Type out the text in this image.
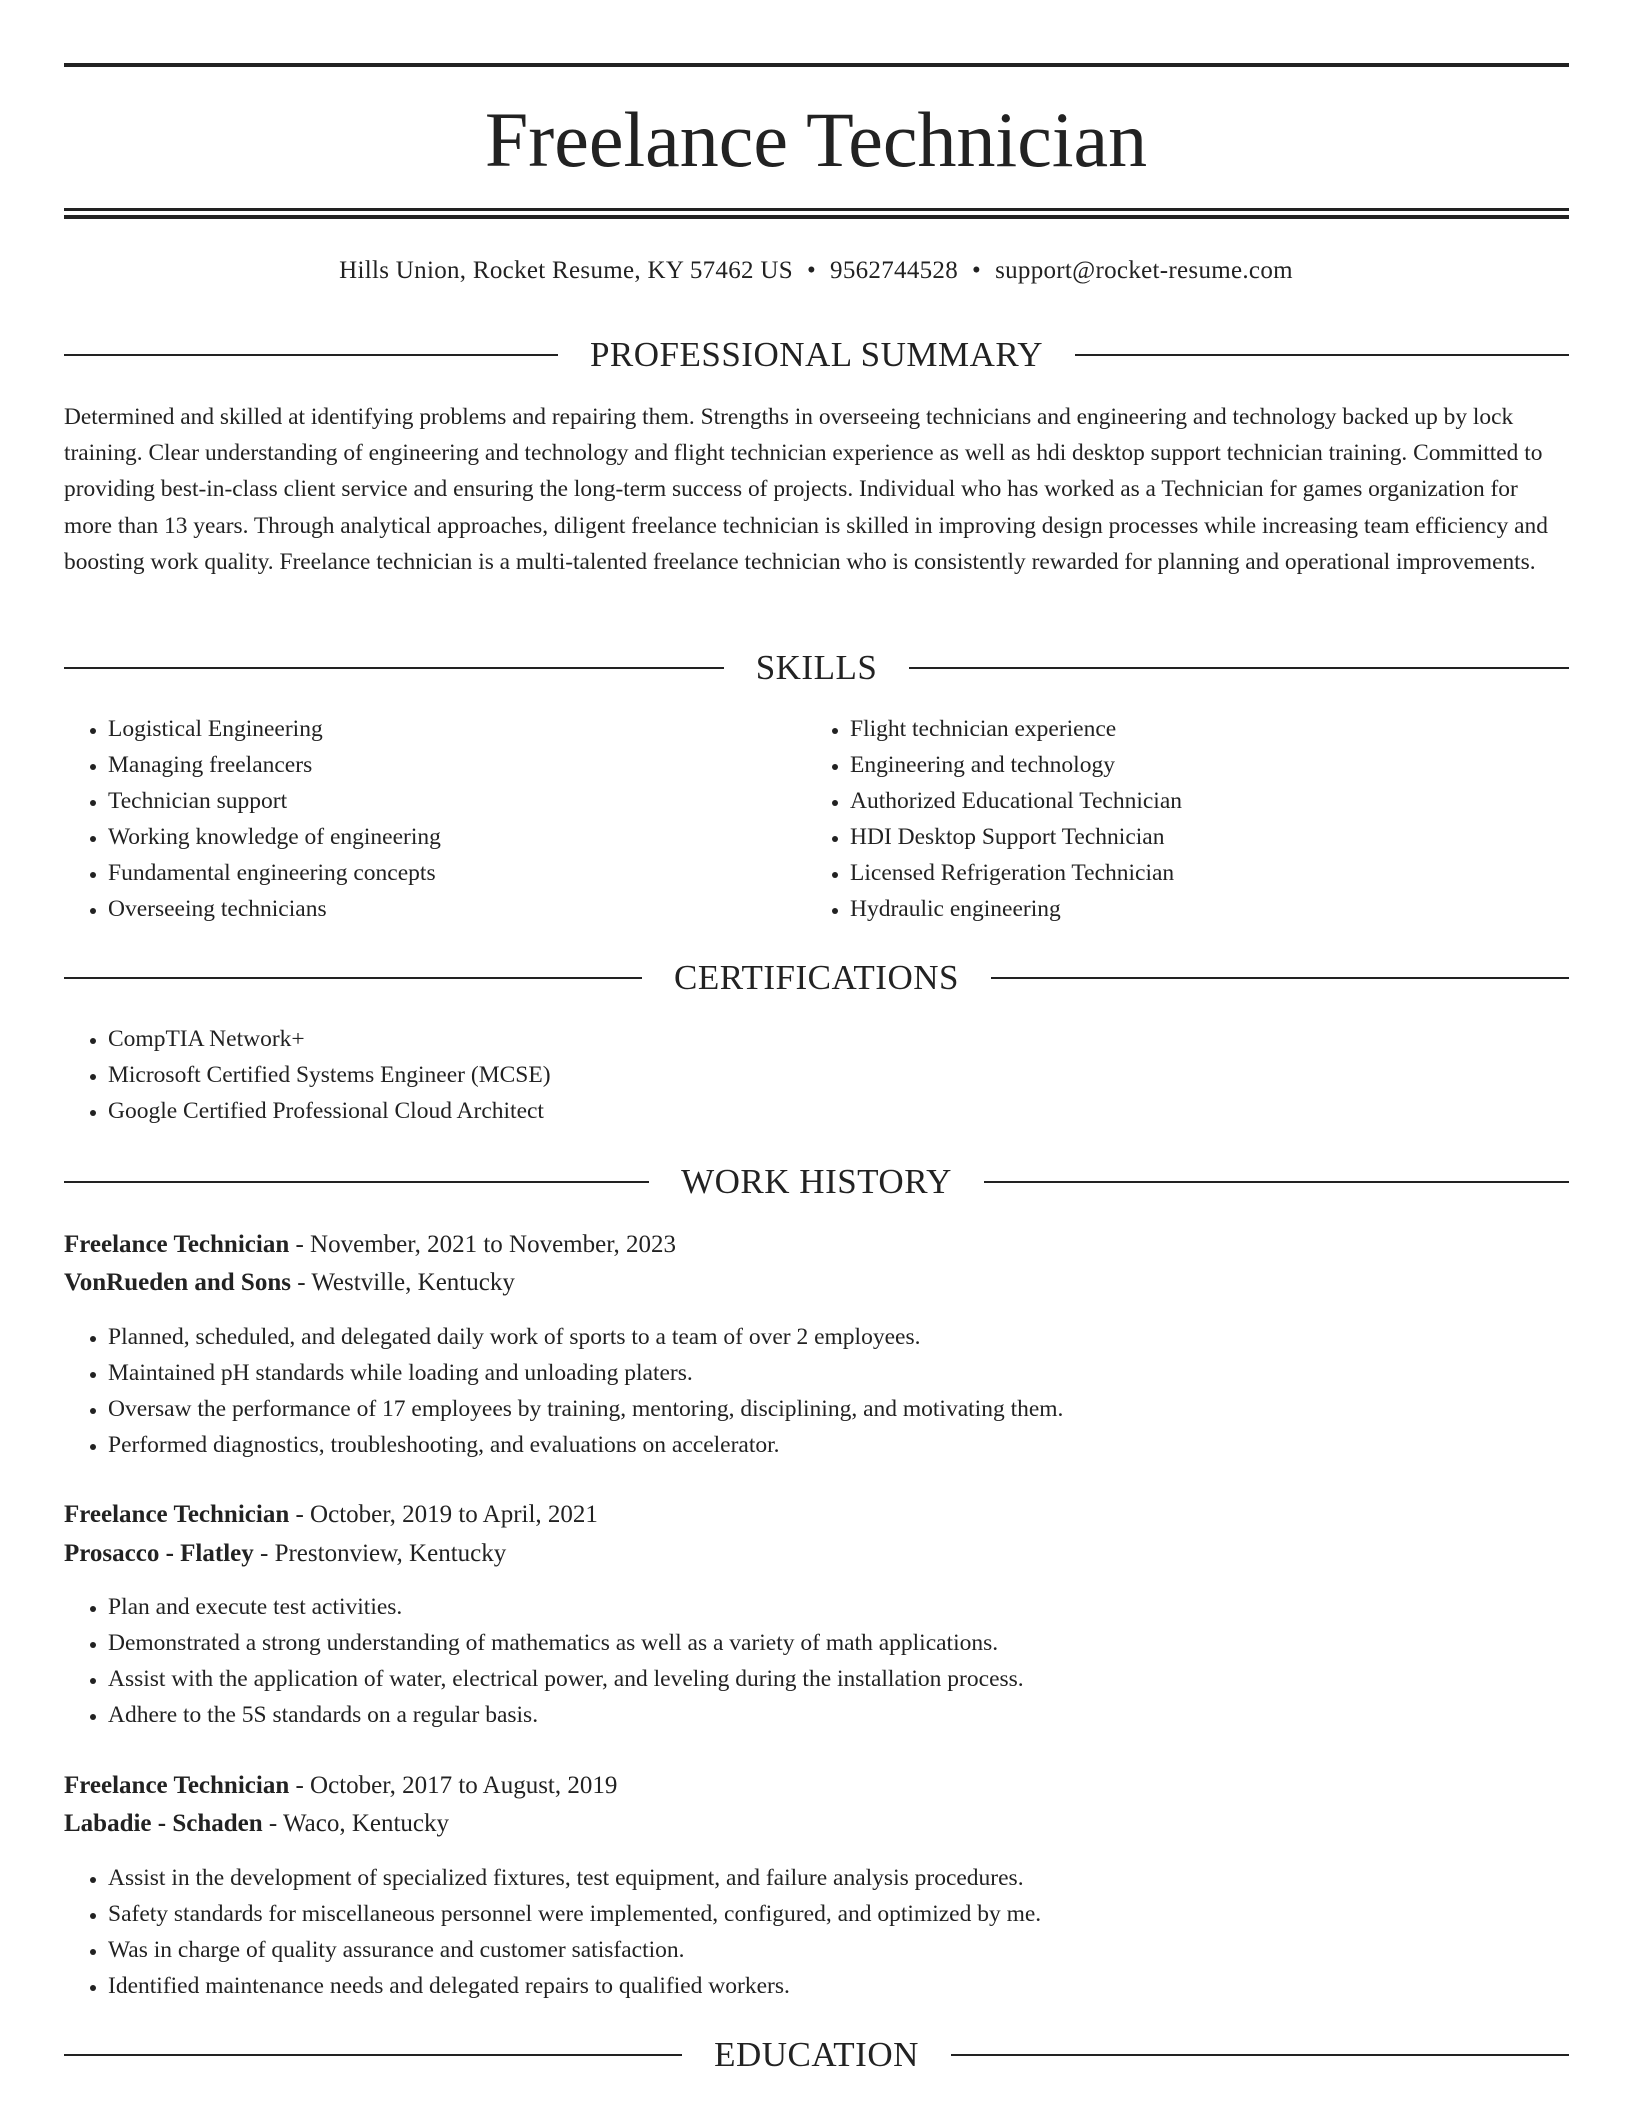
Freelance Technician
Hills Union, Rocket Resume, KY 57462 US • 9562744528 • support@rocket-resume.com
PROFESSIONAL SUMMARY
Determined and skilled at identifying problems and repairing them. Strengths in overseeing technicians and engineering and technology backed up by lock training. Clear understanding of engineering and technology and flight technician experience as well as hdi desktop support technician training. Committed to providing best-in-class client service and ensuring the long-term success of projects. Individual who has worked as a Technician for games organization for more than 13 years. Through analytical approaches, diligent freelance technician is skilled in improving design processes while increasing team efficiency and boosting work quality. Freelance technician is a multi-talented freelance technician who is consistently rewarded for planning and operational improvements.
SKILLS
• Logistical Engineering
• Managing freelancers
• Technician support
• Working knowledge of engineering
• Fundamental engineering concepts
• Overseeing technicians
• Flight technician experience
• Engineering and technology
• Authorized Educational Technician
• HDI Desktop Support Technician
• Licensed Refrigeration Technician
• Hydraulic engineering
CERTIFICATIONS
• CompTIA Network+
• Microsoft Certified Systems Engineer (MCSE)
• Google Certified Professional Cloud Architect
WORK HISTORY
Freelance Technician - November, 2021 to November, 2023
VonRueden and Sons - Westville, Kentucky
• Planned, scheduled, and delegated daily work of sports to a team of over 2 employees.
• Maintained pH standards while loading and unloading platers.
• Oversaw the performance of 17 employees by training, mentoring, disciplining, and motivating them.
• Performed diagnostics, troubleshooting, and evaluations on accelerator.
Freelance Technician - October, 2019 to April, 2021
Prosacco - Flatley - Prestonview, Kentucky
• Plan and execute test activities.
• Demonstrated a strong understanding of mathematics as well as a variety of math applications.
• Assist with the application of water, electrical power, and leveling during the installation process.
• Adhere to the 5S standards on a regular basis.
Freelance Technician - October, 2017 to August, 2019
Labadie - Schaden - Waco, Kentucky
• Assist in the development of specialized fixtures, test equipment, and failure analysis procedures.
• Safety standards for miscellaneous personnel were implemented, configured, and optimized by me.
• Was in charge of quality assurance and customer satisfaction.
• Identified maintenance needs and delegated repairs to qualified workers.
EDUCATION
